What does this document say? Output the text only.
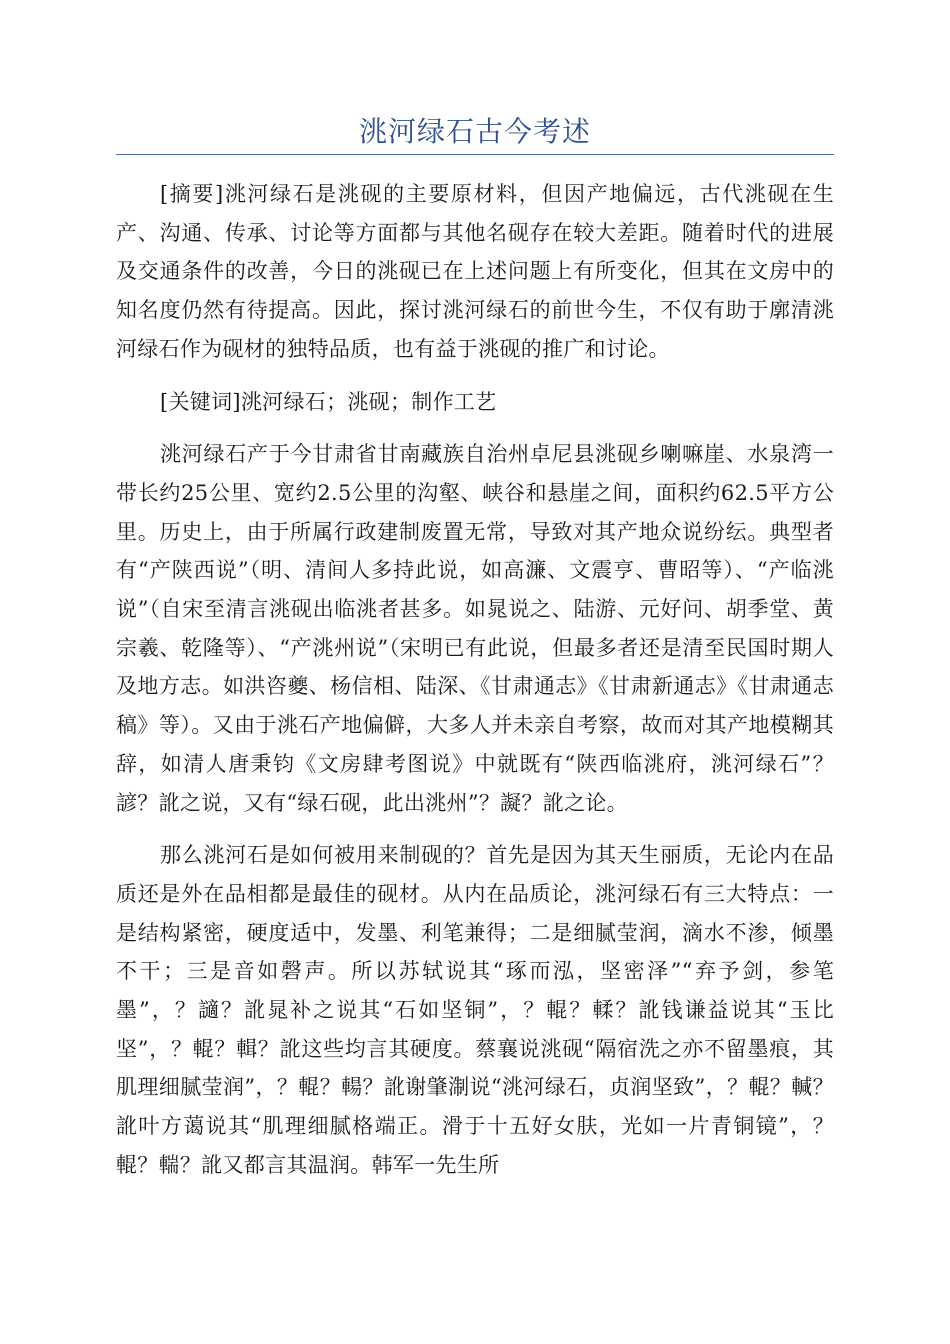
洮河绿石古今考述

[摘要]洮河绿石是洮砚的主要原材料，但因产地偏远，古代洮砚在生产、沟通、传承、讨论等方面都与其他名砚存在较大差距。随着时代的进展及交通条件的改善，今日的洮砚已在上述问题上有所变化，但其在文房中的知名度仍然有待提高。因此，探讨洮河绿石的前世今生，不仅有助于廓清洮河绿石作为砚材的独特品质，也有益于洮砚的推广和讨论。

[关键词]洮河绿石；洮砚；制作工艺

洮河绿石产于今甘肃省甘南藏族自治州卓尼县洮砚乡喇嘛崖、水泉湾一带长约25公里、宽约2.5公里的沟壑、峡谷和悬崖之间，面积约62.5平方公里。历史上，由于所属行政建制废置无常，导致对其产地众说纷纭。典型者有“产陕西说”（明、清间人多持此说，如高濂、文震亨、曹昭等）、“产临洮说”（自宋至清言洮砚出临洮者甚多。如晁说之、陆游、元好问、胡季堂、黄宗羲、乾隆等）、“产洮州说”（宋明已有此说，但最多者还是清至民国时期人及地方志。如洪咨夔、杨信相、陆深、《甘肃通志》《甘肃新通志》《甘肃通志稿》等）。又由于洮石产地偏僻，大多人并未亲自考察，故而对其产地模糊其辞，如清人唐秉钧《文房肆考图说》中就既有“陕西临洮府，洮河绿石”？諺？訛之说，又有“绿石砚，此出洮州”？譺？訛之论。

那么洮河石是如何被用来制砚的？首先是因为其天生丽质，无论内在品质还是外在品相都是最佳的砚材。从内在品质论，洮河绿石有三大特点：一是结构紧密，硬度适中，发墨、利笔兼得；二是细腻莹润，滴水不渗，倾墨不干；三是音如磬声。所以苏轼说其“琢而泓，坚密泽”“弃予剑，参笔墨”，？讁？訛晁补之说其“石如坚铜”，？輥？輮？訛钱谦益说其“玉比坚”，？輥？輯？訛这些均言其硬度。蔡襄说洮砚“隔宿洗之亦不留墨痕，其肌理细腻莹润”，？輥？輰？訛谢肇淛说“洮河绿石，贞润坚致”，？輥？輱？訛叶方蔼说其“肌理细腻格端正。滑于十五好女肤，光如一片青铜镜”，？輥？輲？訛又都言其温润。韩军一先生所
